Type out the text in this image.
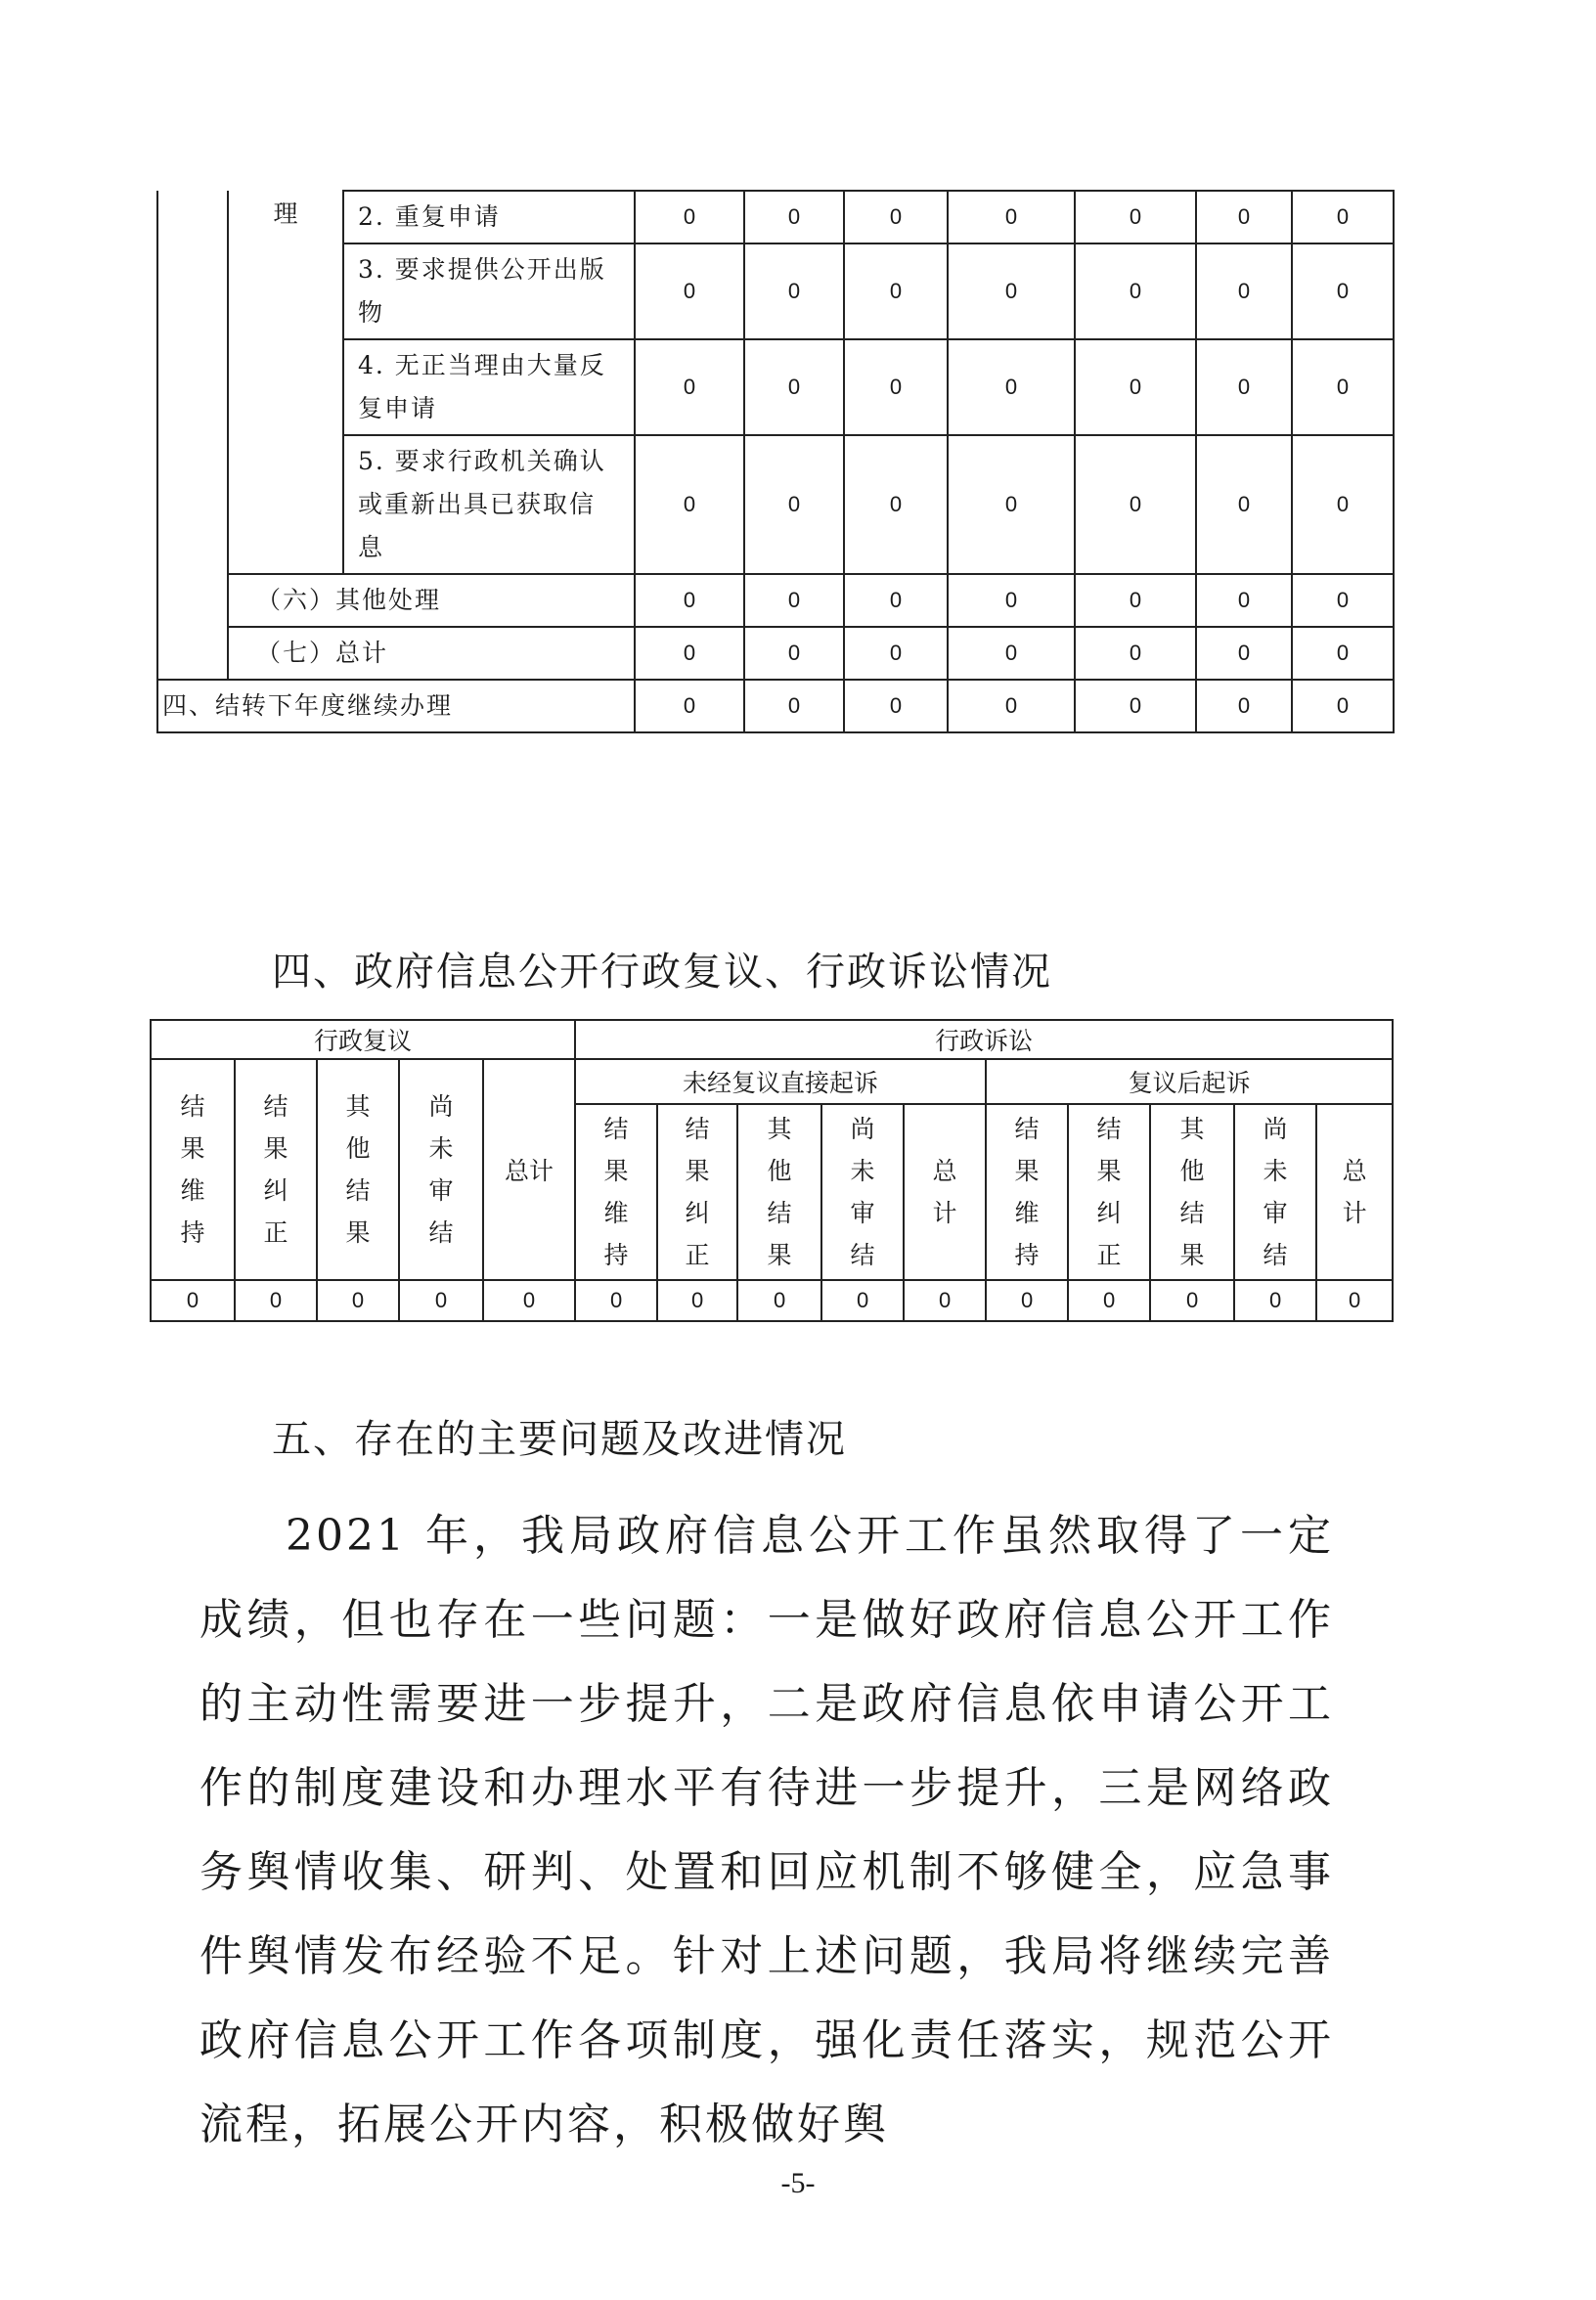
	理	2. 重复申请	0	0	0	0	0	0	0
		3. 要求提供公开出版物	0	0	0	0	0	0	0
		4. 无正当理由大量反复申请	0	0	0	0	0	0	0
		5. 要求行政机关确认或重新出具已获取信息	0	0	0	0	0	0	0
	（六）其他处理		0	0	0	0	0	0	0
	（七）总计		0	0	0	0	0	0	0
四、结转下年度继续办理			0	0	0	0	0	0	0
四、政府信息公开行政复议、行政诉讼情况
行政复议					行政诉讼									
结果维持	结果纠正	其他结果	尚未审结	总计	未经复议直接起诉					复议后起诉				
					结果维持	结果纠正	其他结果	尚未审结	总计	结果维持	结果纠正	其他结果	尚未审结	总计
0	0	0	0	0	0	0	0	0	0	0	0	0	0	0
五、存在的主要问题及改进情况

2021 年，我局政府信息公开工作虽然取得了一定成绩，但也存在一些问题：一是做好政府信息公开工作的主动性需要进一步提升，二是政府信息依申请公开工作的制度建设和办理水平有待进一步提升，三是网络政务舆情收集、研判、处置和回应机制不够健全，应急事件舆情发布经验不足。针对上述问题，我局将继续完善政府信息公开工作各项制度，强化责任落实，规范公开流程，拓展公开内容，积极做好舆

-5-
